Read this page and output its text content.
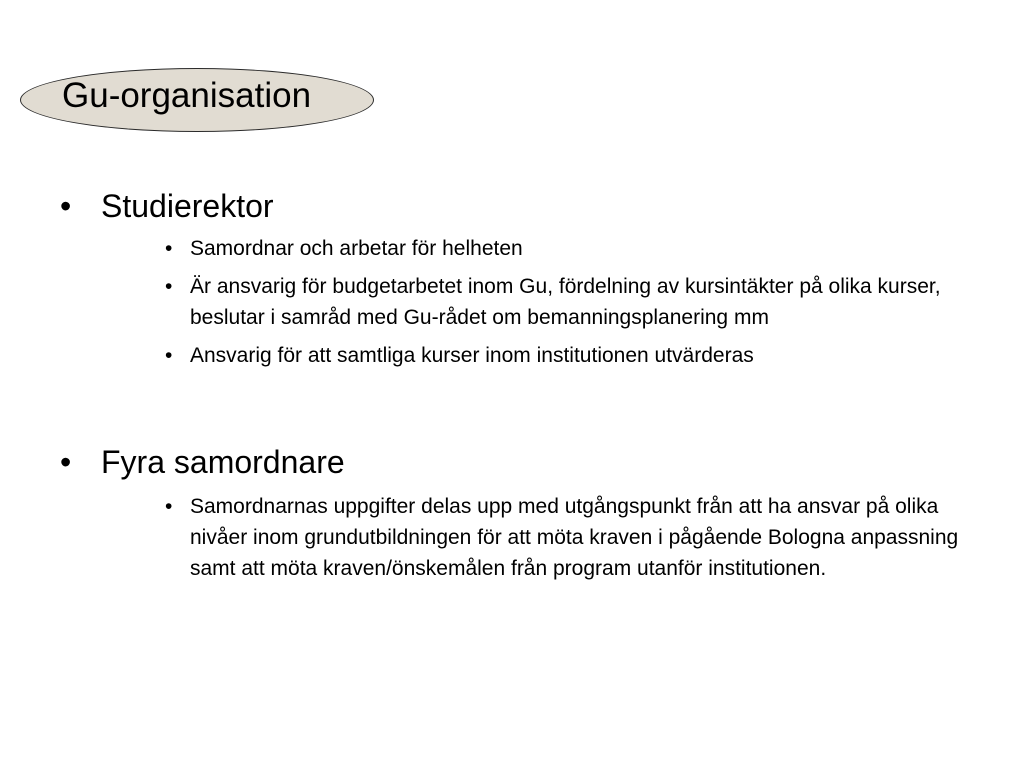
Gu-organisation
• Studierektor
• Samordnar och arbetar för helheten
• Är ansvarig för budgetarbetet inom Gu, fördelning av kursintäkter på olika kurser, beslutar i samråd med Gu-rådet om bemanningsplanering mm
• Ansvarig för att samtliga kurser inom institutionen utvärderas
• Fyra samordnare
• Samordnarnas uppgifter delas upp med utgångspunkt från att ha ansvar på olika nivåer inom grundutbildningen för att möta kraven i pågående Bologna anpassning samt att möta kraven/önskemålen från program utanför institutionen.
